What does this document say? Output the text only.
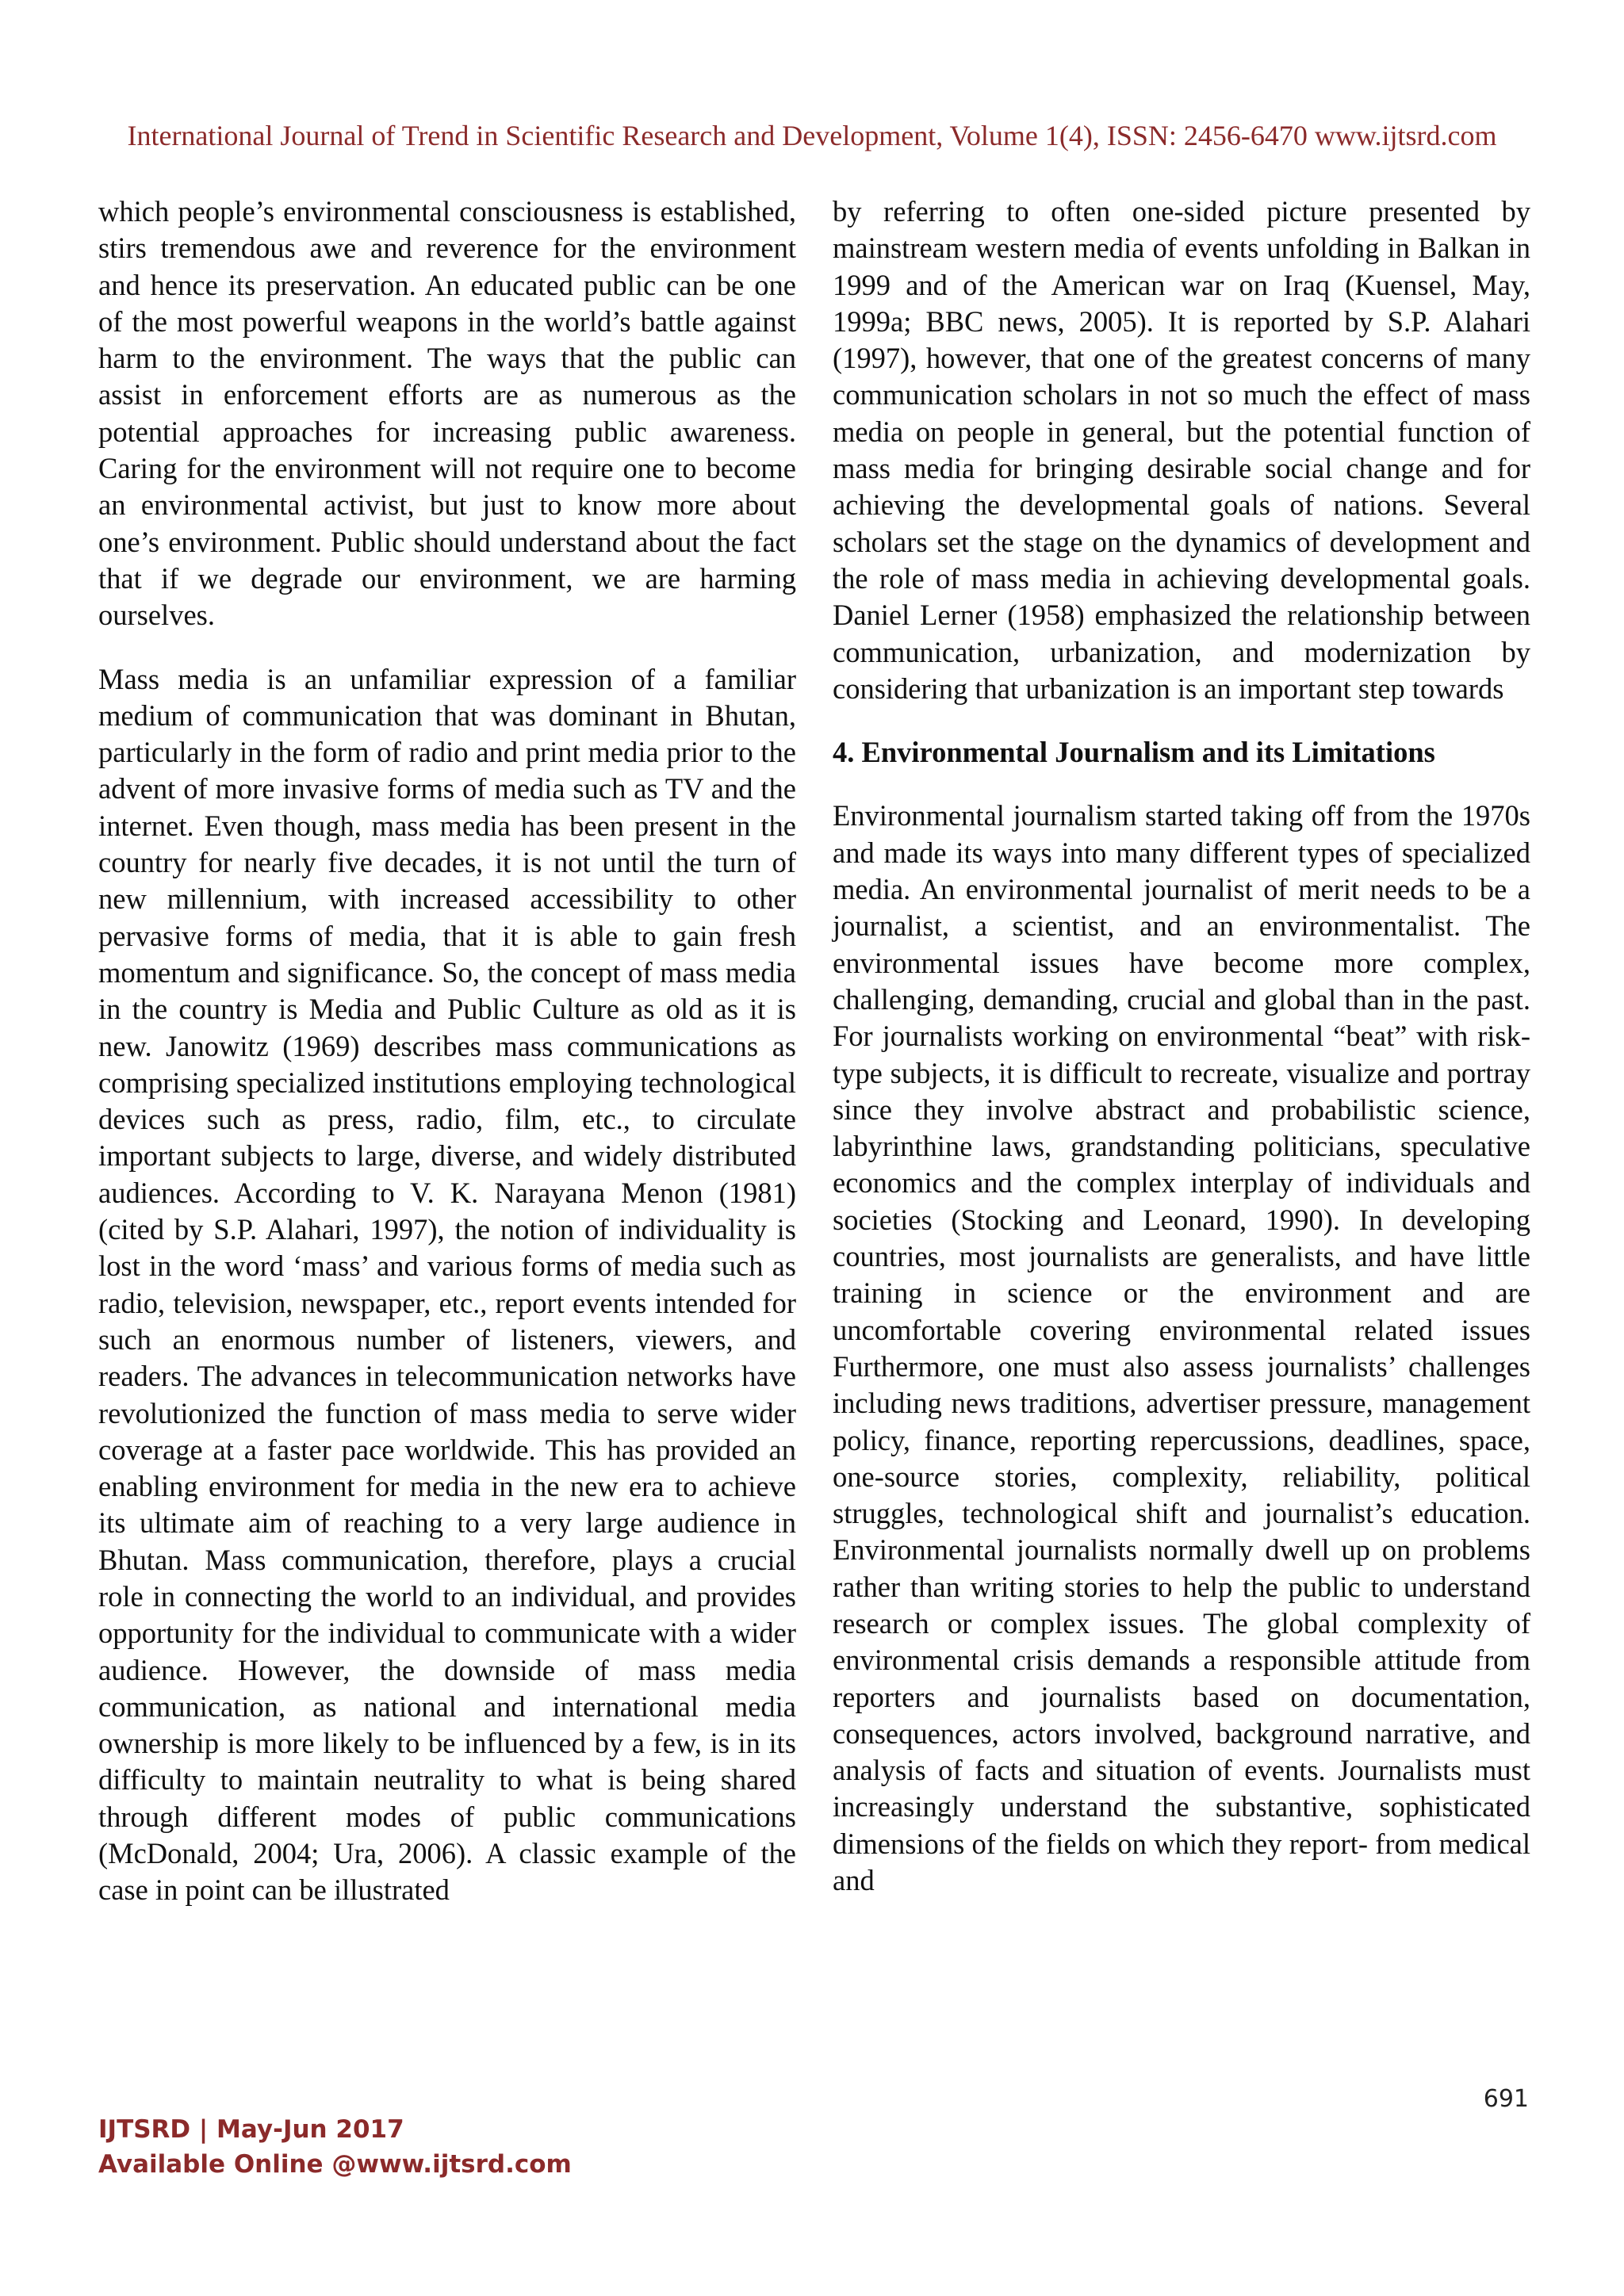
International Journal of Trend in Scientific Research and Development, Volume 1(4), ISSN: 2456-6470 www.ijtsrd.com

which people’s environmental consciousness is established, stirs tremendous awe and reverence for the environment and hence its preservation. An educated public can be one of the most powerful weapons in the world’s battle against harm to the environment. The ways that the public can assist in enforcement efforts are as numerous as the potential approaches for increasing public awareness. Caring for the environment will not require one to become an environmental activist, but just to know more about one’s environment. Public should understand about the fact that if we degrade our environment, we are harming ourselves.

Mass media is an unfamiliar expression of a familiar medium of communication that was dominant in Bhutan, particularly in the form of radio and print media prior to the advent of more invasive forms of media such as TV and the internet. Even though, mass media has been present in the country for nearly five decades, it is not until the turn of new millennium, with increased accessibility to other pervasive forms of media, that it is able to gain fresh momentum and significance. So, the concept of mass media in the country is Media and Public Culture as old as it is new. Janowitz (1969) describes mass communications as comprising specialized institutions employing technological devices such as press, radio, film, etc., to circulate important subjects to large, diverse, and widely distributed audiences. According to V. K. Narayana Menon (1981) (cited by S.P. Alahari, 1997), the notion of individuality is lost in the word ‘mass’ and various forms of media such as radio, television, newspaper, etc., report events intended for such an enormous number of listeners, viewers, and readers. The advances in telecommunication networks have revolutionized the function of mass media to serve wider coverage at a faster pace worldwide. This has provided an enabling environment for media in the new era to achieve its ultimate aim of reaching to a very large audience in Bhutan. Mass communication, therefore, plays a crucial role in connecting the world to an individual, and provides opportunity for the individual to communicate with a wider audience. However, the downside of mass media communication, as national and international media ownership is more likely to be influenced by a few, is in its difficulty to maintain neutrality to what is being shared through different modes of public communications (McDonald, 2004; Ura, 2006). A classic example of the case in point can be illustrated

by referring to often one-sided picture presented by mainstream western media of events unfolding in Balkan in 1999 and of the American war on Iraq (Kuensel, May, 1999a; BBC news, 2005). It is reported by S.P. Alahari (1997), however, that one of the greatest concerns of many communication scholars in not so much the effect of mass media on people in general, but the potential function of mass media for bringing desirable social change and for achieving the developmental goals of nations. Several scholars set the stage on the dynamics of development and the role of mass media in achieving developmental goals. Daniel Lerner (1958) emphasized the relationship between communication, urbanization, and modernization by considering that urbanization is an important step towards

4. Environmental Journalism and its Limitations

Environmental journalism started taking off from the 1970s and made its ways into many different types of specialized media. An environmental journalist of merit needs to be a journalist, a scientist, and an environmentalist. The environmental issues have become more complex, challenging, demanding, crucial and global than in the past. For journalists working on environmental “beat” with risk-type subjects, it is difficult to recreate, visualize and portray since they involve abstract and probabilistic science, labyrinthine laws, grandstanding politicians, speculative economics and the complex interplay of individuals and societies (Stocking and Leonard, 1990). In developing countries, most journalists are generalists, and have little training in science or the environment and are uncomfortable covering environmental related issues Furthermore, one must also assess journalists’ challenges including news traditions, advertiser pressure, management policy, finance, reporting repercussions, deadlines, space, one-source stories, complexity, reliability, political struggles, technological shift and journalist’s education. Environmental journalists normally dwell up on problems rather than writing stories to help the public to understand research or complex issues. The global complexity of environmental crisis demands a responsible attitude from reporters and journalists based on documentation, consequences, actors involved, background narrative, and analysis of facts and situation of events. Journalists must increasingly understand the substantive, sophisticated dimensions of the fields on which they report- from medical and

691
IJTSRD | May-Jun 2017
Available Online @www.ijtsrd.com
